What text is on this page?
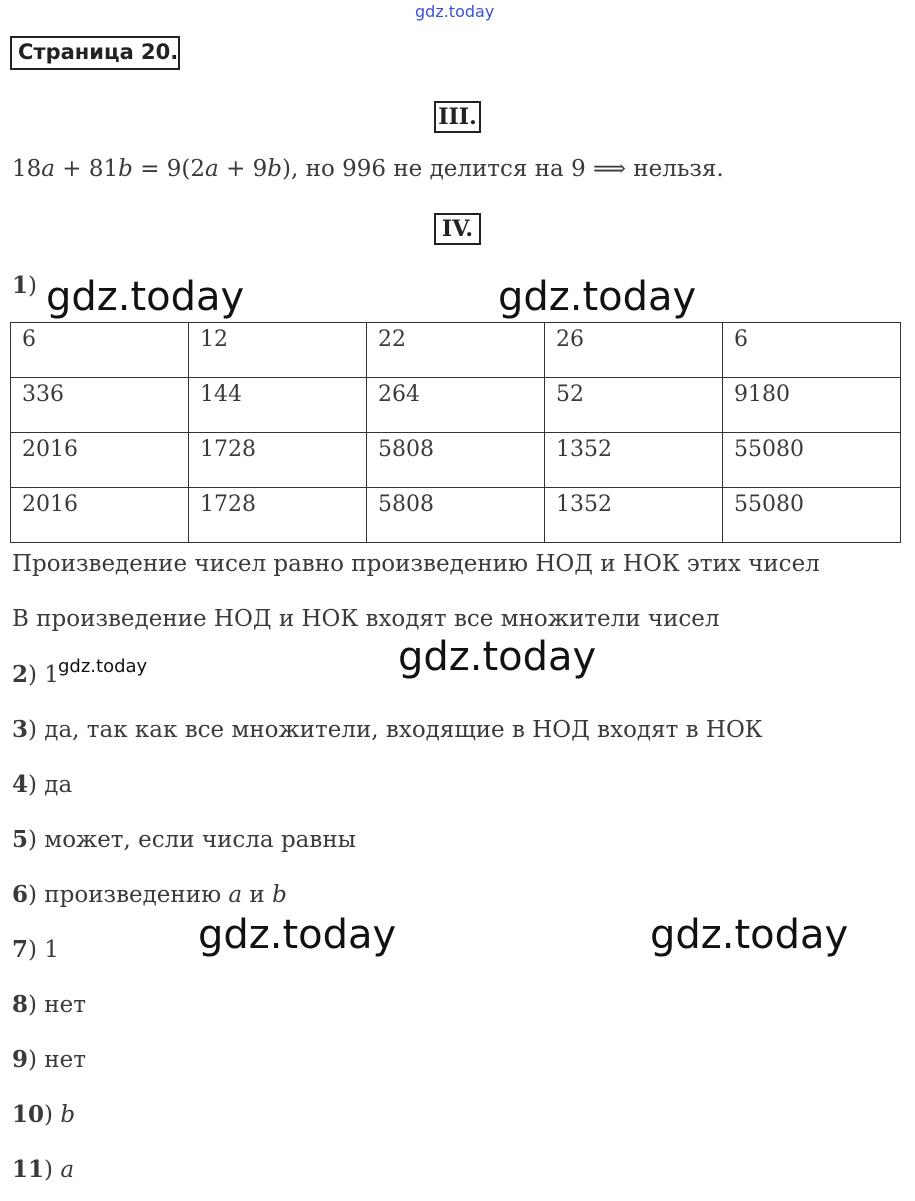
gdz.today
gdz.today	gdz.today
gdz.today
gdz.today
gdz.today	gdz.today
Страница 20.
III.
18a + 81b = 9(2a + 9b), но 996 не делится на 9 ⟹ нельзя.
IV.
1)
6	12	22	26	6
336	144	264	52	9180
2016	1728	5808	1352	55080
2016	1728	5808	1352	55080
Произведение чисел равно произведению НОД и НОК этих чисел
В произведение НОД и НОК входят все множители чисел
2) 1
3) да, так как все множители, входящие в НОД входят в НОК
4) да
5) может, если числа равны
6) произведению a и b
7) 1
8) нет
9) нет
10) b
11) a
